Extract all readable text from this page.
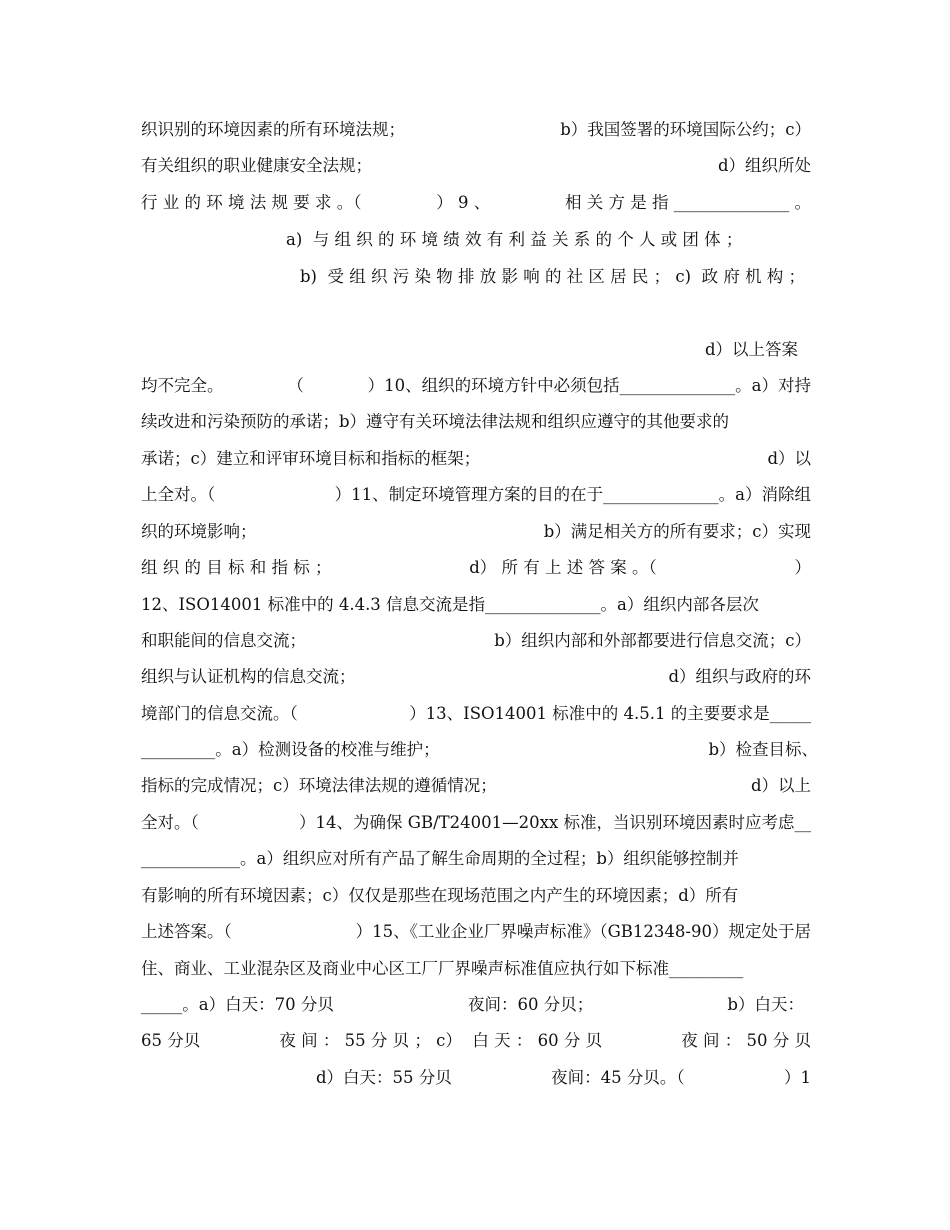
织识别的环境因素的所有环境法规；	b）我国签署的环境国际公约；c）
有关组织的职业健康安全法规；	d）组织所处
行 业 的 环 境 法 规 要 求 。（	） 9 、	相 关 方 是 指 ______________ 。
a)  与 组 织 的 环 境 绩 效 有 利 益 关 系 的 个 人 或 团 体 ；
b)  受 组 织 污 染 物 排 放 影 响 的 社 区 居 民 ； c)  政 府 机 构 ；
d）以上答案
均不完全。	（	）10、组织的环境方针中必须包括______________。a）对持
续改进和污染预防的承诺；b）遵守有关环境法律法规和组织应遵守的其他要求的
承诺；c）建立和评审环境目标和指标的框架；	d）以
上全对。（	）11、制定环境管理方案的目的在于______________。a）消除组
织的环境影响；	b）满足相关方的所有要求；c）实现
组 织 的 目 标 和 指 标 ；	d） 所 有 上 述 答 案 。（	）
12、ISO14001 标准中的 4.4.3 信息交流是指______________。a）组织内部各层次
和职能间的信息交流；	b）组织内部和外部都要进行信息交流；c）
组织与认证机构的信息交流；	d）组织与政府的环
境部门的信息交流。（	）13、ISO14001 标准中的 4.5.1 的主要要求是_____
_________。a）检测设备的校准与维护；	b）检查目标、
指标的完成情况；c）环境法律法规的遵循情况；	d）以上
全对。（	）14、为确保 GB/T24001—20xx 标准，当识别环境因素时应考虑__
____________。a）组织应对所有产品了解生命周期的全过程；b）组织能够控制并
有影响的所有环境因素；c）仅仅是那些在现场范围之内产生的环境因素；d）所有
上述答案。（	）15、《工业企业厂界噪声标准》（GB12348-90）规定处于居
住、商业、工业混杂区及商业中心区工厂厂界噪声标准值应执行如下标准_________
_____。a）白天：70 分贝	夜间：60 分贝；	b）白天：
65 分贝	夜 间 ： 55 分 贝 ； c）  白 天 ： 60 分 贝	夜 间 ： 50 分 贝
d）白天：55 分贝	夜间：45 分贝。（	）1
